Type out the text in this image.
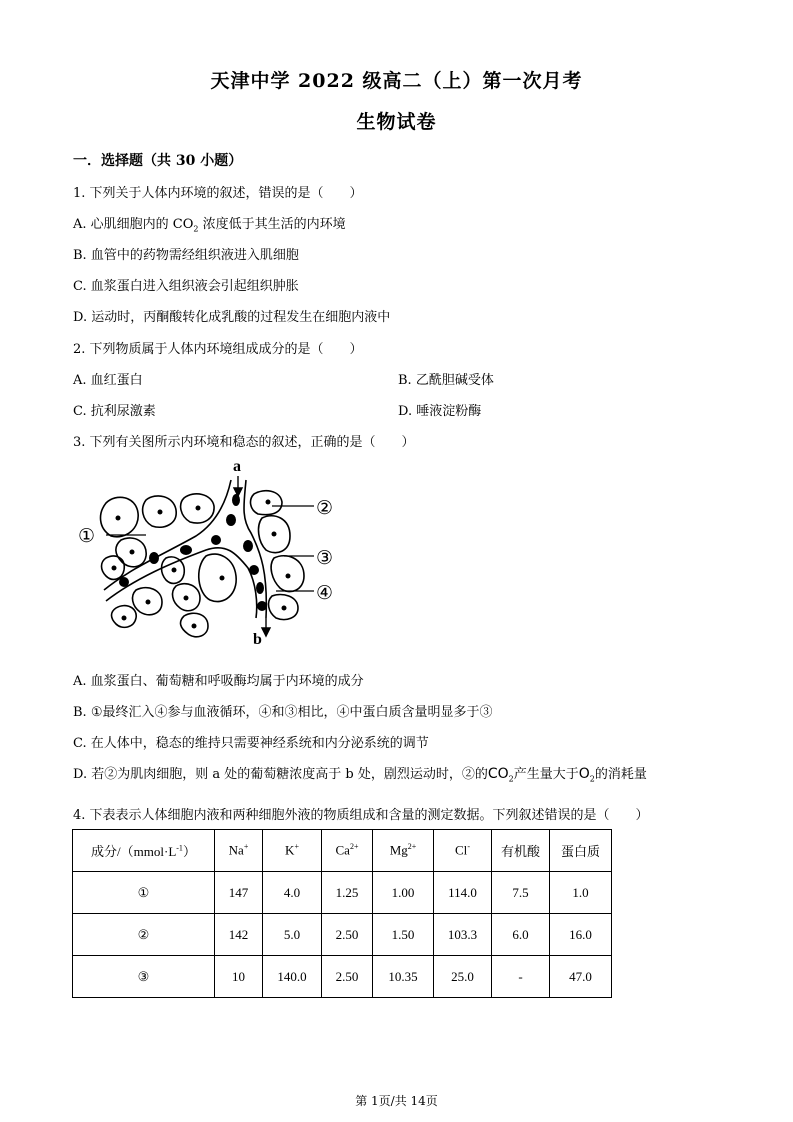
天津中学 2022 级高二（上）第一次月考
生物试卷
一．选择题（共 30 小题）
1. 下列关于人体内环境的叙述，错误的是（　　）
A. 心肌细胞内的 $CO_2$ 浓度低于其生活的内环境
B. 血管中的药物需经组织液进入肌细胞
C. 血浆蛋白进入组织液会引起组织肿胀
D. 运动时，丙酮酸转化成乳酸的过程发生在细胞内液中
2. 下列物质属于人体内环境组成成分的是（　　）
A. 血红蛋白	B. 乙酰胆碱受体
C. 抗利尿激素	D. 唾液淀粉酶
3. 下列有关图所示内环境和稳态的叙述，正确的是（　　）
a
b
①
②
③
④
A. 血浆蛋白、葡萄糖和呼吸酶均属于内环境的成分
B. ①最终汇入④参与血液循环，④和③相比，④中蛋白质含量明显多于③
C. 在人体中，稳态的维持只需要神经系统和内分泌系统的调节
D. 若②为肌肉细胞，则 a 处的葡萄糖浓度高于 b 处，剧烈运动时，②的$CO_2$产生量大于$O_2$的消耗量
4. 下表表示人体细胞内液和两种细胞外液的物质组成和含量的测定数据。下列叙述错误的是（　　）
成分$/(mmol\cdot L^{-1})$	Na+	K+	$Ca^{2+}$	$Mg^{2+}$	Cl-	有机酸	蛋白质
①	147	4.0	1.25	1.00	114.0	7.5	1.0
②	142	5.0	2.50	1.50	103.3	6.0	16.0
③	10	140.0	2.50	10.35	25.0	-	47.0
第 1页/共 14页
